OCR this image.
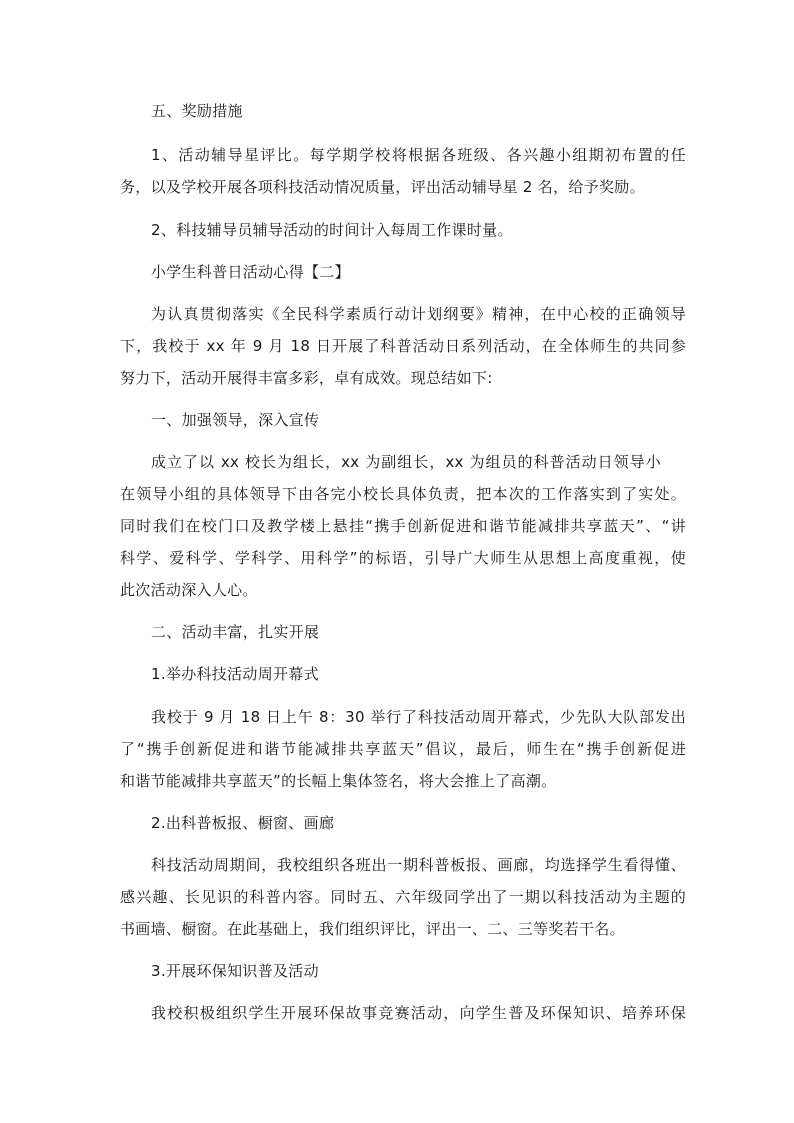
五、奖励措施
1、活动辅导星评比。每学期学校将根据各班级、各兴趣小组期初布置的任
务，以及学校开展各项科技活动情况质量，评出活动辅导星 2 名，给予奖励。
2、科技辅导员辅导活动的时间计入每周工作课时量。
小学生科普日活动心得【二】
为认真贯彻落实《全民科学素质行动计划纲要》精神，在中心校的正确领导
下，我校于 xx 年 9 月 18 日开展了科普活动日系列活动，在全体师生的共同参
努力下，活动开展得丰富多彩，卓有成效。现总结如下:
一、加强领导，深入宣传
成立了以 xx 校长为组长，xx 为副组长，xx 为组员的科普活动日领导小
在领导小组的具体领导下由各完小校长具体负责，把本次的工作落实到了实处。
同时我们在校门口及教学楼上悬挂“携手创新促进和谐节能减排共享蓝天”、“讲
科学、爱科学、学科学、用科学”的标语，引导广大师生从思想上高度重视，使
此次活动深入人心。
二、活动丰富，扎实开展
1.举办科技活动周开幕式
我校于 9 月 18 日上午 8：30 举行了科技活动周开幕式，少先队大队部发出
了“携手创新促进和谐节能减排共享蓝天”倡议，最后，师生在“携手创新促进
和谐节能减排共享蓝天”的长幅上集体签名，将大会推上了高潮。
2.出科普板报、橱窗、画廊
科技活动周期间，我校组织各班出一期科普板报、画廊，均选择学生看得懂、
感兴趣、长见识的科普内容。同时五、六年级同学出了一期以科技活动为主题的
书画墙、橱窗。在此基础上，我们组织评比，评出一、二、三等奖若干名。
3.开展环保知识普及活动
我校积极组织学生开展环保故事竞赛活动，向学生普及环保知识、培养环保
